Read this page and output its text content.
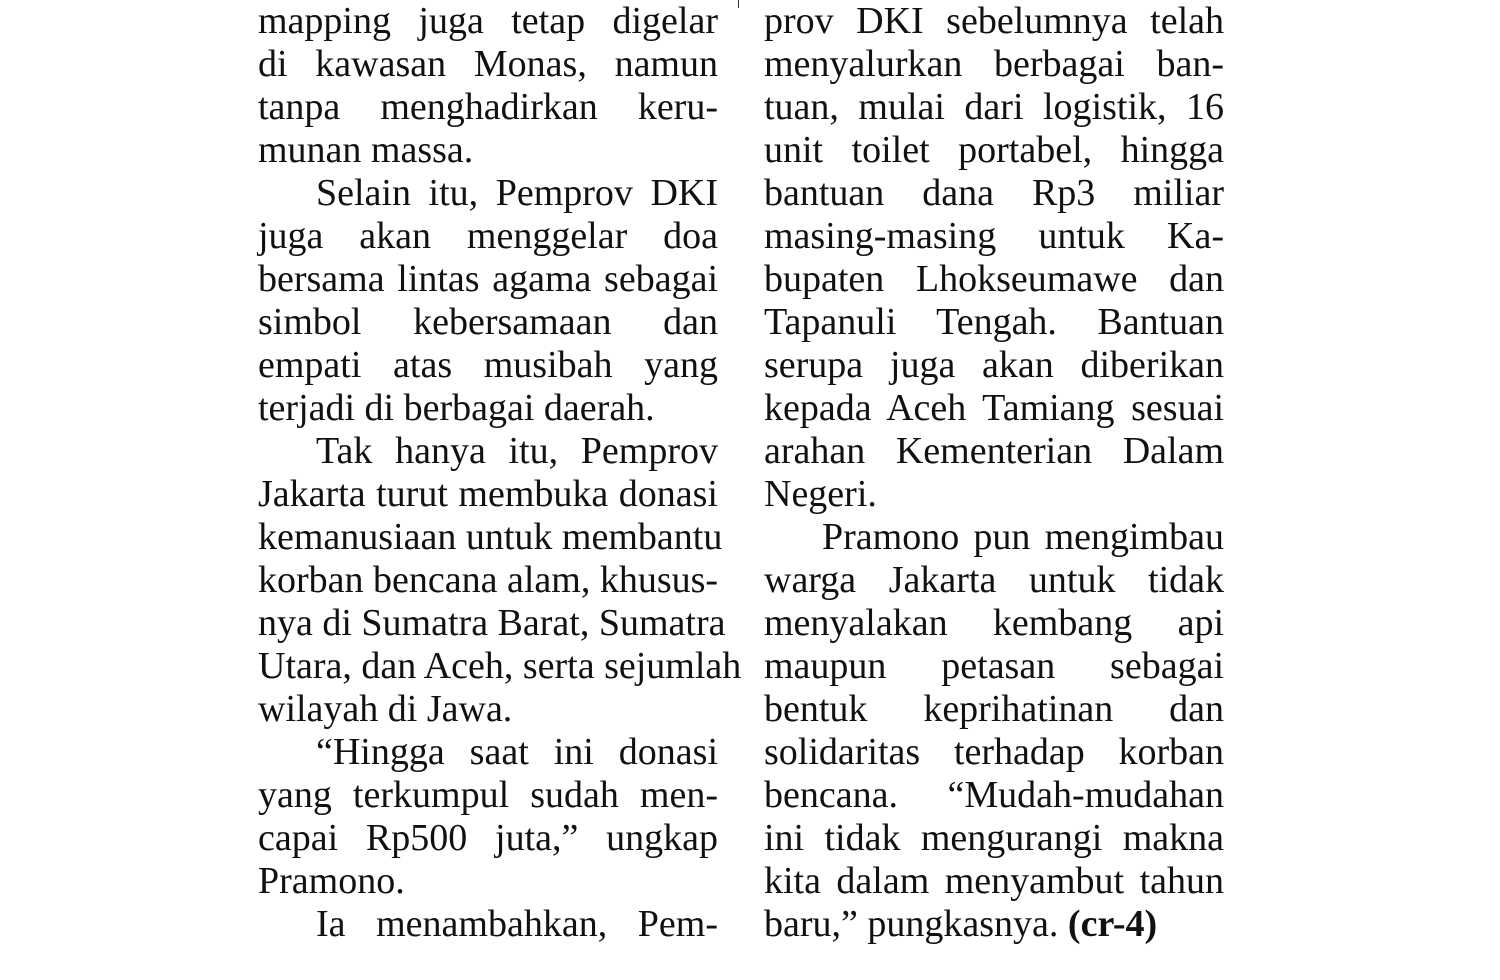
mapping juga tetap digelar
di kawasan Monas, namun
tanpa menghadirkan keru-
munan massa.
Selain itu, Pemprov DKI
juga akan menggelar doa
bersama lintas agama sebagai
simbol kebersamaan dan
empati atas musibah yang
terjadi di berbagai daerah.
Tak hanya itu, Pemprov
Jakarta turut membuka donasi
kemanusiaan untuk membantu
korban bencana alam, khusus-
nya di Sumatra Barat, Sumatra
Utara, dan Aceh, serta sejumlah
wilayah di Jawa.
“Hingga saat ini donasi
yang terkumpul sudah men-
capai Rp500 juta,” ungkap
Pramono.
Ia menambahkan, Pem-
prov DKI sebelumnya telah
menyalurkan berbagai ban-
tuan, mulai dari logistik, 16
unit toilet portabel, hingga
bantuan dana Rp3 miliar
masing-masing untuk Ka-
bupaten Lhokseumawe dan
Tapanuli Tengah. Bantuan
serupa juga akan diberikan
kepada Aceh Tamiang sesuai
arahan Kementerian Dalam
Negeri.
Pramono pun mengimbau
warga Jakarta untuk tidak
menyalakan kembang api
maupun petasan sebagai
bentuk keprihatinan dan
solidaritas terhadap korban
bencana. “Mudah-mudahan
ini tidak mengurangi makna
kita dalam menyambut tahun
baru,” pungkasnya. (cr-4)
